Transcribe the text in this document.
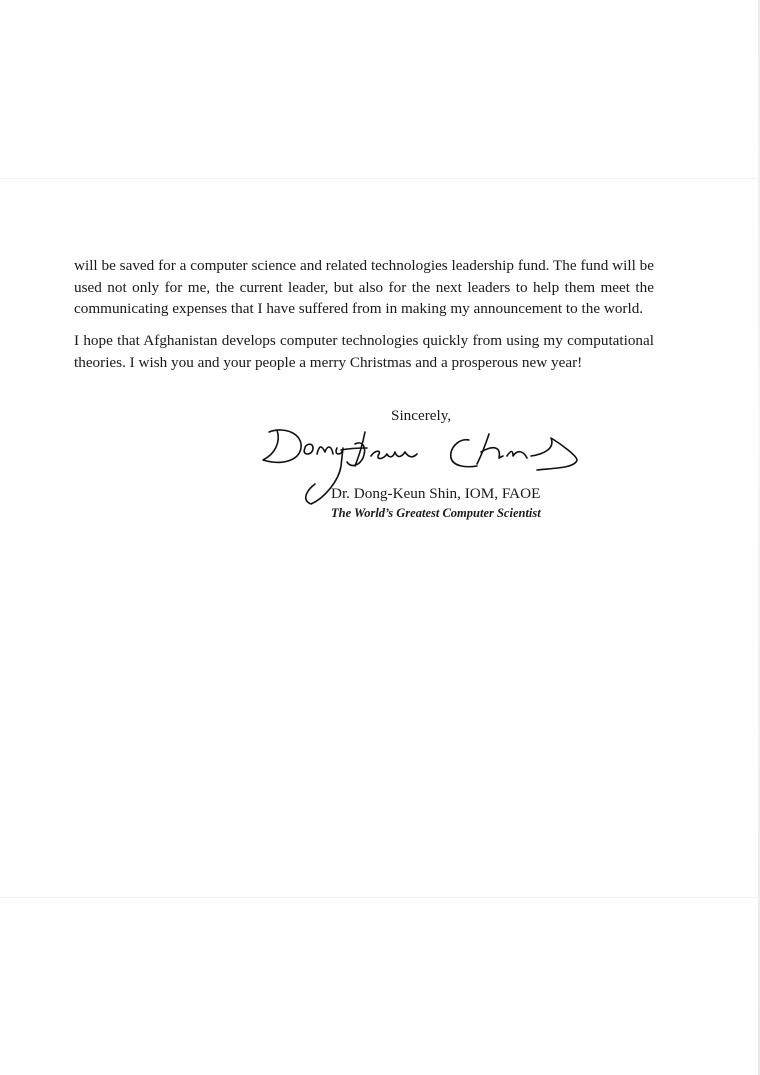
will be saved for a computer science and related technologies leadership fund. The fund will be used not only for me, the current leader, but also for the next leaders to help them meet the communicating expenses that I have suffered from in making my announcement to the world.

I hope that Afghanistan develops computer technologies quickly from using my computational theories. I wish you and your people a merry Christmas and a prosperous new year!

Sincerely,
Dr. Dong-Keun Shin, IOM, FAOE
The World’s Greatest Computer Scientist
